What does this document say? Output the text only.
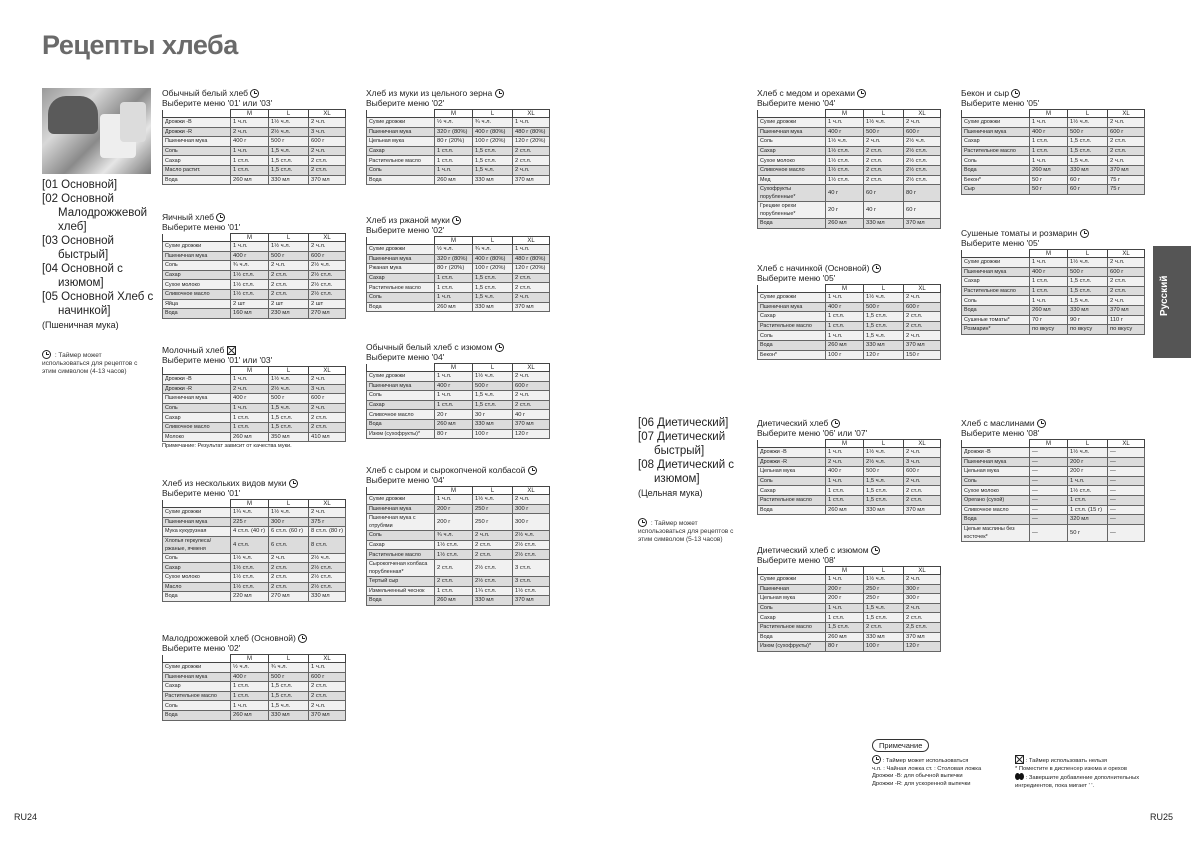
Рецепты хлеба
[01 Основной]
[02 Основной
Малодрожжевой
хлеб]
[03 Основной
быстрый]
[04 Основной с
изюмом]
[05 Основной Хлеб с
начинкой]
(Пшеничная мука)
: Таймер может использоваться для рецептов с этим символом (4-13 часов)
[06 Диетический]
[07 Диетический
быстрый]
[08 Диетический с
изюмом]
(Цельная мука)
: Таймер может использоваться для рецептов с этим символом (5-13 часов)
Обычный белый хлеб
Выберите меню '01' или '03'
	M	L	XL
Дрожжи -В	1 ч.л.	1½ ч.л.	2 ч.л.
Дрожжи -R	2 ч.л.	2½ ч.л.	3 ч.л.
Пшеничная мука	400 г	500 г	600 г
Соль	1 ч.л.	1,5 ч.л.	2 ч.л.
Сахар	1 ст.л.	1,5 ст.л.	2 ст.л.
Масло растит.	1 ст.л.	1,5 ст.л.	2 ст.л.
Вода	260 мл	330 мл	370 мл
Яичный хлеб
Выберите меню '01'
	M	L	XL
Сухие дрожжи	1 ч.л.	1½ ч.л.	2 ч.л.
Пшеничная мука	400 г	500 г	600 г
Соль	¾ ч.л.	2 ч.л.	2½ ч.л.
Сахар	1½ ст.л.	2 ст.л.	2½ ст.л.
Сухое молоко	1½ ст.л.	2 ст.л.	2½ ст.л.
Сливочное масло	1½ ст.л.	2 ст.л.	2½ ст.л.
Яйца	2 шт	2 шт	2 шт
Вода	160 мл	230 мл	270 мл
Молочный хлеб
Выберите меню '01' или '03'
	M	L	XL
Дрожжи -В	1 ч.л.	1½ ч.л.	2 ч.л.
Дрожжи -R	2 ч.л.	2½ ч.л.	3 ч.л.
Пшеничная мука	400 г	500 г	600 г
Соль	1 ч.л.	1,5 ч.л.	2 ч.л.
Сахар	1 ст.л.	1,5 ст.л.	2 ст.л.
Сливочное масло	1 ст.л.	1,5 ст.л.	2 ст.л.
Молоко	260 мл	350 мл	410 мл
Примечание: Результат зависит от качества муки.
Хлеб из нескольких видов муки
Выберите меню '01'
	M	L	XL
Сухие дрожжи	1¼ ч.л.	1½ ч.л.	2 ч.л.
Пшеничная мука	225 г	300 г	375 г
Мука кукурузная	4 ст.л. (40 г)	6 ст.л. (60 г)	8 ст.л. (80 г)
Хлопья геркулеса/ ржаные, ячменя	4 ст.л.	6 ст.л.	8 ст.л.
Соль	1½ ч.л.	2 ч.л.	2½ ч.л.
Сахар	1½ ст.л.	2 ст.л.	2½ ст.л.
Сухое молоко	1½ ст.л.	2 ст.л.	2½ ст.л.
Масло	1½ ст.л.	2 ст.л.	2½ ст.л.
Вода	220 мл	270 мл	330 мл
Малодрожжевой хлеб (Основной)
Выберите меню '02'
	M	L	XL
Сухие дрожжи	½ ч.л.	¾ ч.л.	1 ч.л.
Пшеничная мука	400 г	500 г	600 г
Сахар	1 ст.л.	1,5 ст.л.	2 ст.л.
Растительное масло	1 ст.л.	1,5 ст.л.	2 ст.л.
Соль	1 ч.л.	1,5 ч.л.	2 ч.л.
Вода	260 мл	330 мл	370 мл
Хлеб из муки из цельного зерна
Выберите меню '02'
	M	L	XL
Сухие дрожжи	½ ч.л.	¾ ч.л.	1 ч.л.
Пшеничная мука	320 г (80%)	400 г (80%)	480 г (80%)
Цельная мука	80 г (20%)	100 г (20%)	120 г (20%)
Сахар	1 ст.л.	1,5 ст.л.	2 ст.л.
Растительное масло	1 ст.л.	1,5 ст.л.	2 ст.л.
Соль	1 ч.л.	1,5 ч.л.	2 ч.л.
Вода	260 мл	330 мл	370 мл
Хлеб из ржаной муки
Выберите меню '02'
	M	L	XL
Сухие дрожжи	½ ч.л.	¾ ч.л.	1 ч.л.
Пшеничная мука	320 г (80%)	400 г (80%)	480 г (80%)
Ржаная мука	80 г (20%)	100 г (20%)	120 г (20%)
Сахар	1 ст.л.	1,5 ст.л.	2 ст.л.
Растительное масло	1 ст.л.	1,5 ст.л.	2 ст.л.
Соль	1 ч.л.	1,5 ч.л.	2 ч.л.
Вода	260 мл	330 мл	370 мл
Обычный белый хлеб с изюмом
Выберите меню '04'
	M	L	XL
Сухие дрожжи	1 ч.л.	1½ ч.л.	2 ч.л.
Пшеничная мука	400 г	500 г	600 г
Соль	1 ч.л.	1,5 ч.л.	2 ч.л.
Сахар	1 ст.л.	1,5 ст.л.	2 ст.л.
Сливочное масло	20 г	30 г	40 г
Вода	260 мл	330 мл	370 мл
Изюм (сухофрукты)*	80 г	100 г	120 г
Хлеб с сыром и сырокопченой колбасой
Выберите меню '04'
	M	L	XL
Сухие дрожжи	1 ч.л.	1½ ч.л.	2 ч.л.
Пшеничная мука	200 г	250 г	300 г
Пшеничная мука с отрубями	200 г	250 г	300 г
Соль	¾ ч.л.	2 ч.л.	2½ ч.л.
Сахар	1½ ст.л.	2 ст.л.	2½ ст.л.
Растительное масло	1½ ст.л.	2 ст.л.	2½ ст.л.
Сырокопченая колбаса порубленная*	2 ст.л.	2½ ст.л.	3 ст.л.
Тертый сыр	2 ст.л.	2½ ст.л.	3 ст.л.
Измельченный чеснок	1 ст.л.	1¼ ст.л.	1½ ст.л.
Вода	260 мл	330 мл	370 мл
Хлеб с медом и орехами
Выберите меню '04'
	M	L	XL
Сухие дрожжи	1 ч.л.	1½ ч.л.	2 ч.л.
Пшеничная мука	400 г	500 г	600 г
Соль	1½ ч.л.	2 ч.л.	2½ ч.л.
Сахар	1½ ст.л.	2 ст.л.	2½ ст.л.
Сухое молоко	1½ ст.л.	2 ст.л.	2½ ст.л.
Сливочное масло	1½ ст.л.	2 ст.л.	2½ ст.л.
Мед	1½ ст.л.	2 ст.л.	2½ ст.л.
Сухофрукты порубленные*	40 г	60 г	80 г
Грецкие орехи порубленные*	20 г	40 г	60 г
Вода	260 мл	330 мл	370 мл
Хлеб с начинкой (Основной)
Выберите меню '05'
	M	L	XL
Сухие дрожжи	1 ч.л.	1½ ч.л.	2 ч.л.
Пшеничная мука	400 г	500 г	600 г
Сахар	1 ст.л.	1,5 ст.л.	2 ст.л.
Растительное масло	1 ст.л.	1,5 ст.л.	2 ст.л.
Соль	1 ч.л.	1,5 ч.л.	2 ч.л.
Вода	260 мл	330 мл	370 мл
Бекон*	100 г	120 г	150 г
Бекон и сыр
Выберите меню '05'
	M	L	XL
Сухие дрожжи	1 ч.л.	1½ ч.л.	2 ч.л.
Пшеничная мука	400 г	500 г	600 г
Сахар	1 ст.л.	1,5 ст.л.	2 ст.л.
Растительное масло	1 ст.л.	1,5 ст.л.	2 ст.л.
Соль	1 ч.л.	1,5 ч.л.	2 ч.л.
Вода	260 мл	330 мл	370 мл
Бекон*	50 г	60 г	75 г
Сыр	50 г	60 г	75 г
Сушеные томаты и розмарин
Выберите меню '05'
	M	L	XL
Сухие дрожжи	1 ч.л.	1½ ч.л.	2 ч.л.
Пшеничная мука	400 г	500 г	600 г
Сахар	1 ст.л.	1,5 ст.л.	2 ст.л.
Растительное масло	1 ст.л.	1,5 ст.л.	2 ст.л.
Соль	1 ч.л.	1,5 ч.л.	2 ч.л.
Вода	260 мл	330 мл	370 мл
Сушеные томаты*	70 г	90 г	110 г
Розмарин*	по вкусу	по вкусу	по вкусу
Диетический хлеб
Выберите меню '06' или '07'
	M	L	XL
Дрожжи -В	1 ч.л.	1½ ч.л.	2 ч.л.
Дрожжи -R	2 ч.л.	2½ ч.л.	3 ч.л.
Цельная мука	400 г	500 г	600 г
Соль	1 ч.л.	1,5 ч.л.	2 ч.л.
Сахар	1 ст.л.	1,5 ст.л.	2 ст.л.
Растительное масло	1 ст.л.	1,5 ст.л.	2 ст.л.
Вода	260 мл	330 мл	370 мл
Диетический хлеб с изюмом
Выберите меню '08'
	M	L	XL
Сухие дрожжи	1 ч.л.	1½ ч.л.	2 ч.л.
Пшеничная	200 г	250 г	300 г
Цельная мука	200 г	250 г	300 г
Соль	1 ч.л.	1,5 ч.л.	2 ч.л.
Сахар	1 ст.л.	1,5 ст.л.	2 ст.л.
Растительное масло	1,5 ст.л.	2 ст.л.	2,5 ст.л.
Вода	260 мл	330 мл	370 мл
Изюм (сухофрукты)*	80 г	100 г	120 г
Хлеб с маслинами
Выберите меню '08'
	M	L	XL
Дрожжи -В	—	1½ ч.л.	—
Пшеничная мука	—	200 г	—
Цельная мука	—	200 г	—
Соль	—	1 ч.л.	—
Сухое молоко	—	1½ ст.л.	—
Орегано (сухой)	—	1 ст.л.	—
Сливочное масло	—	1 ст.л. (15 г)	—
Вода	—	320 мл	—
Целые маслины без косточек*	—	50 г	—
Русский
Примечание
: Таймер может использоваться
ч.л. : Чайная ложка ст. : Столовая ложка
Дрожжи -В: для обычной выпечки
Дрожжи -R: для ускоренной выпечки
: Таймер использовать нельзя
* Поместите в диспенсер изюма и орехов
: Завершите добавление дополнительных ингредиентов, пока мигает ' '.
RU24	RU25
